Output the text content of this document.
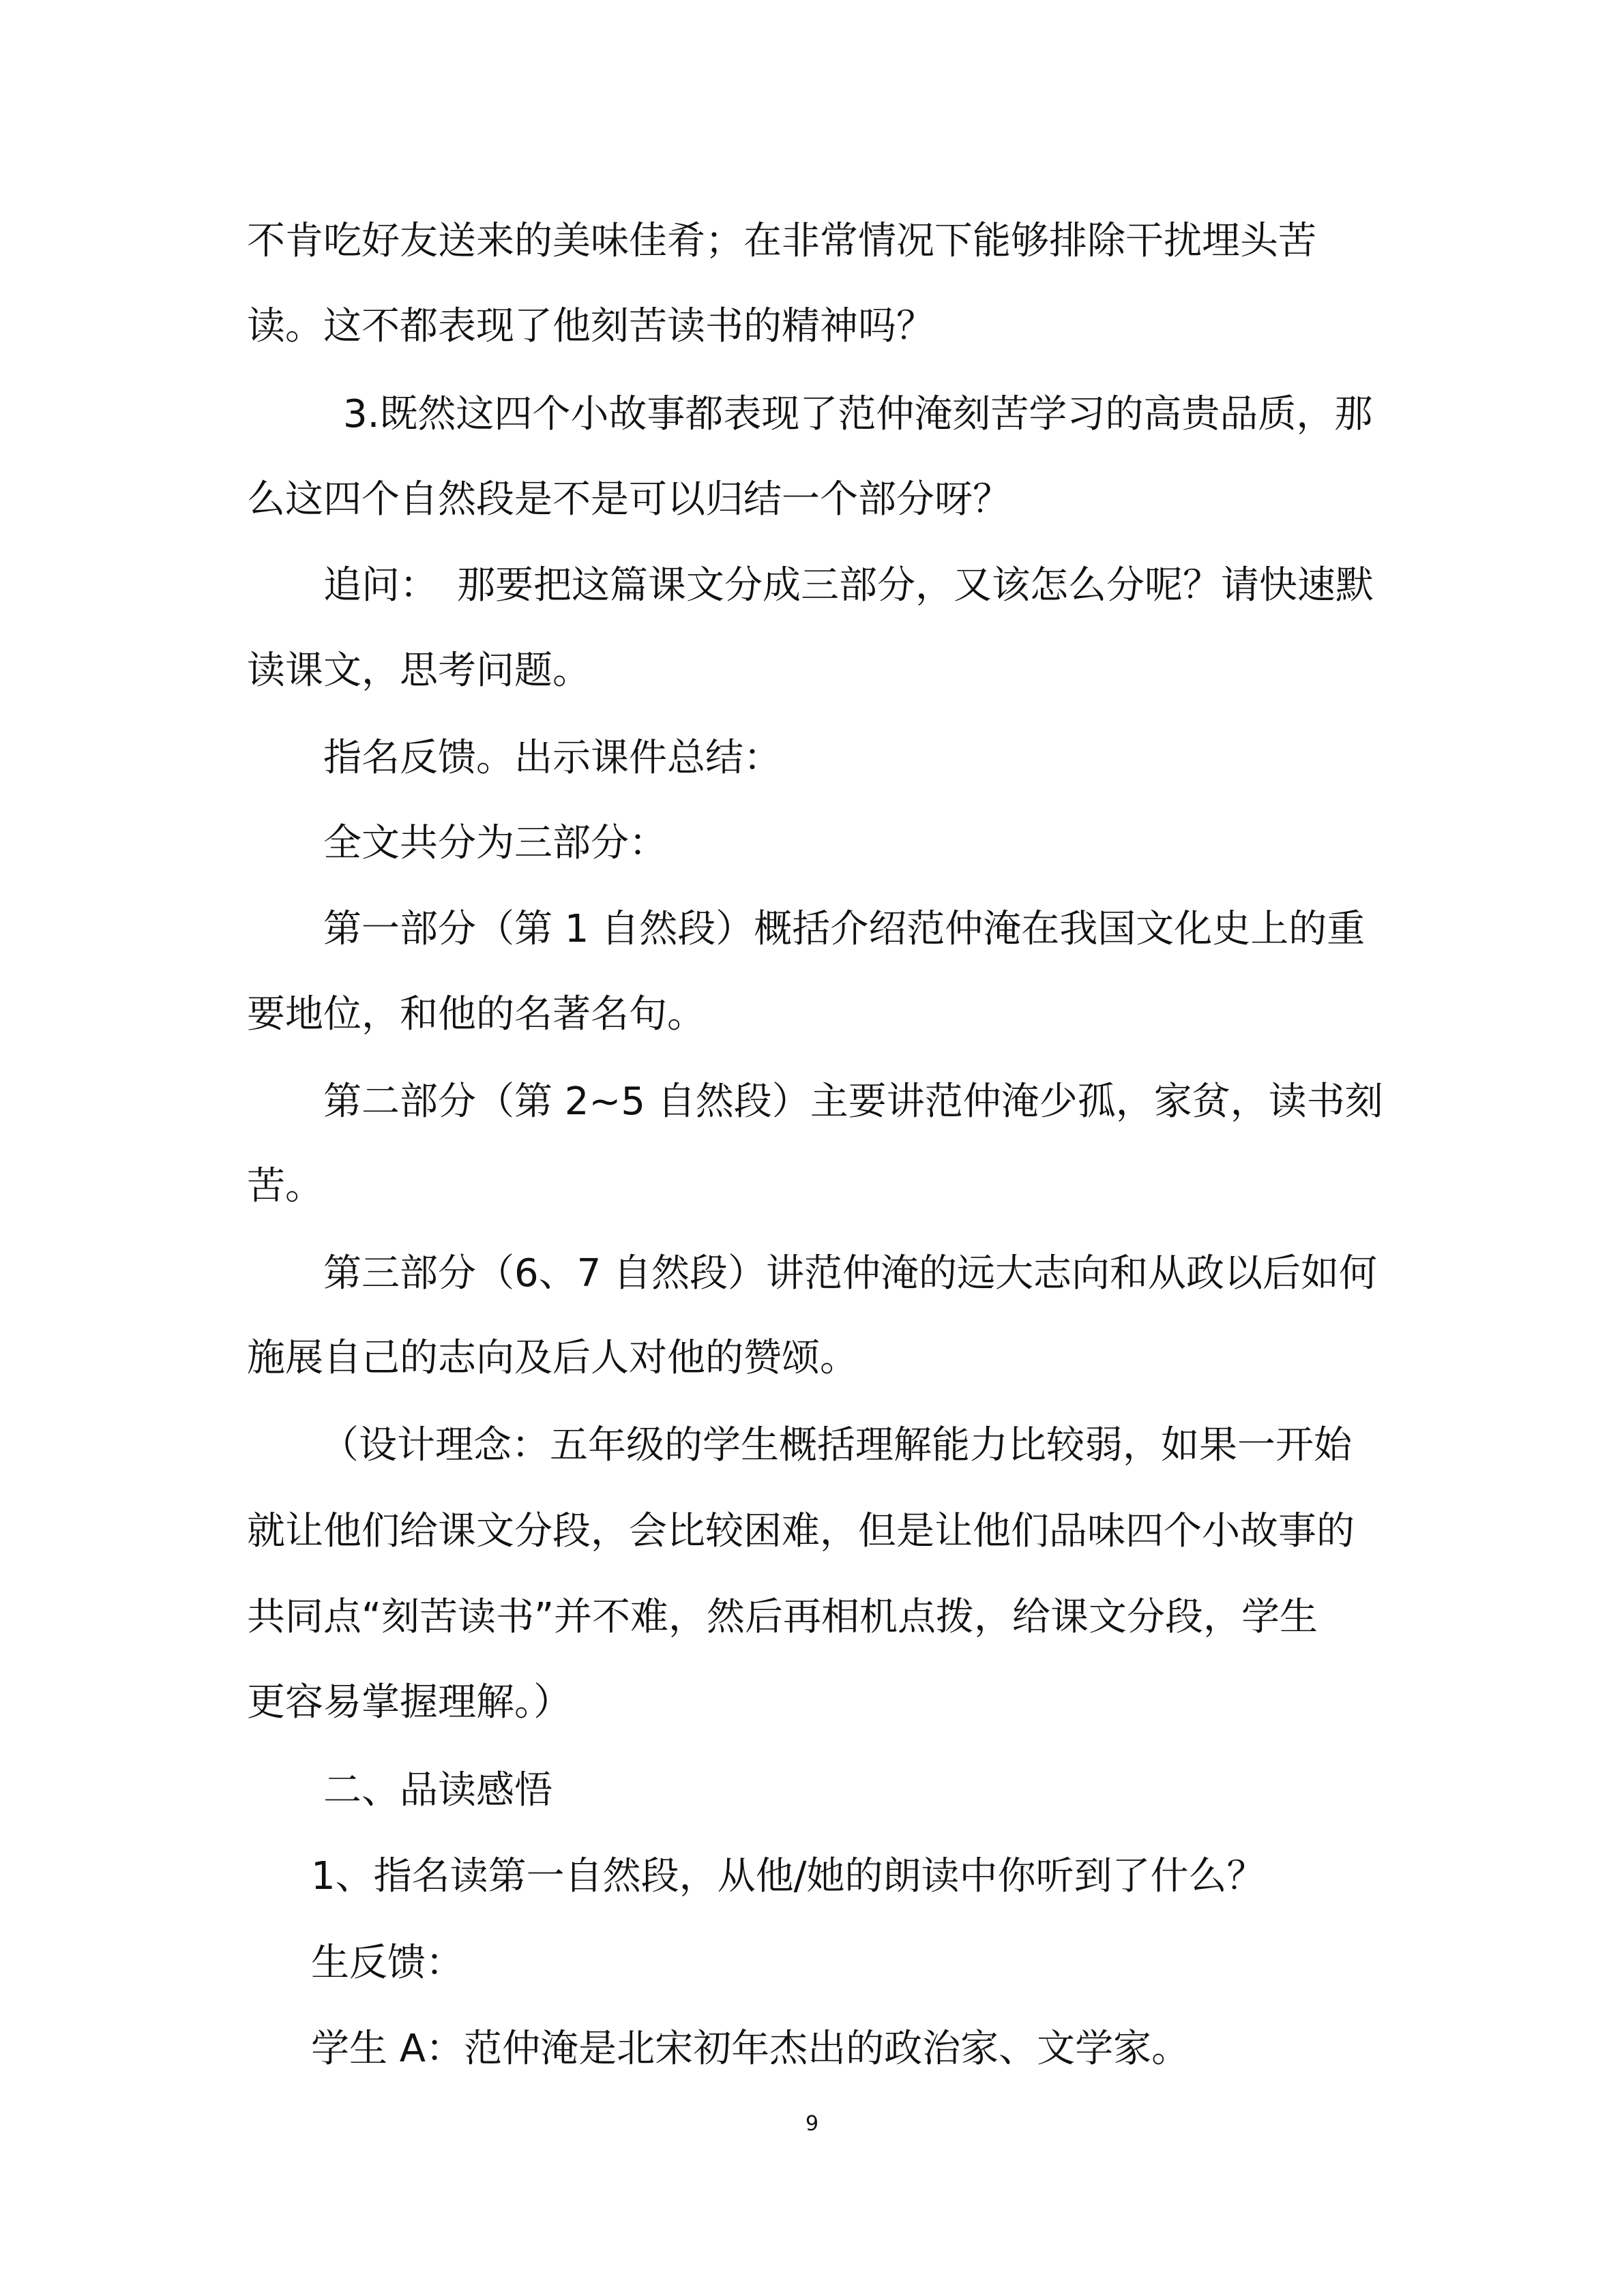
不肯吃好友送来的美味佳肴；在非常情况下能够排除干扰埋头苦
读。这不都表现了他刻苦读书的精神吗？
3.既然这四个小故事都表现了范仲淹刻苦学习的高贵品质，那
么这四个自然段是不是可以归结一个部分呀？
追问：　那要把这篇课文分成三部分，又该怎么分呢？请快速默
读课文，思考问题。
指名反馈。出示课件总结：
全文共分为三部分：
第一部分（第 1 自然段）概括介绍范仲淹在我国文化史上的重
要地位，和他的名著名句。
第二部分（第 2~5 自然段）主要讲范仲淹少孤，家贫，读书刻
苦。
第三部分（6、7 自然段）讲范仲淹的远大志向和从政以后如何
施展自己的志向及后人对他的赞颂。
（设计理念：五年级的学生概括理解能力比较弱，如果一开始
就让他们给课文分段，会比较困难，但是让他们品味四个小故事的
共同点“刻苦读书”并不难，然后再相机点拨，给课文分段，学生
更容易掌握理解。）
二、品读感悟
1、指名读第一自然段，从他/她的朗读中你听到了什么？
生反馈：
学生 A：范仲淹是北宋初年杰出的政治家、文学家。
9
